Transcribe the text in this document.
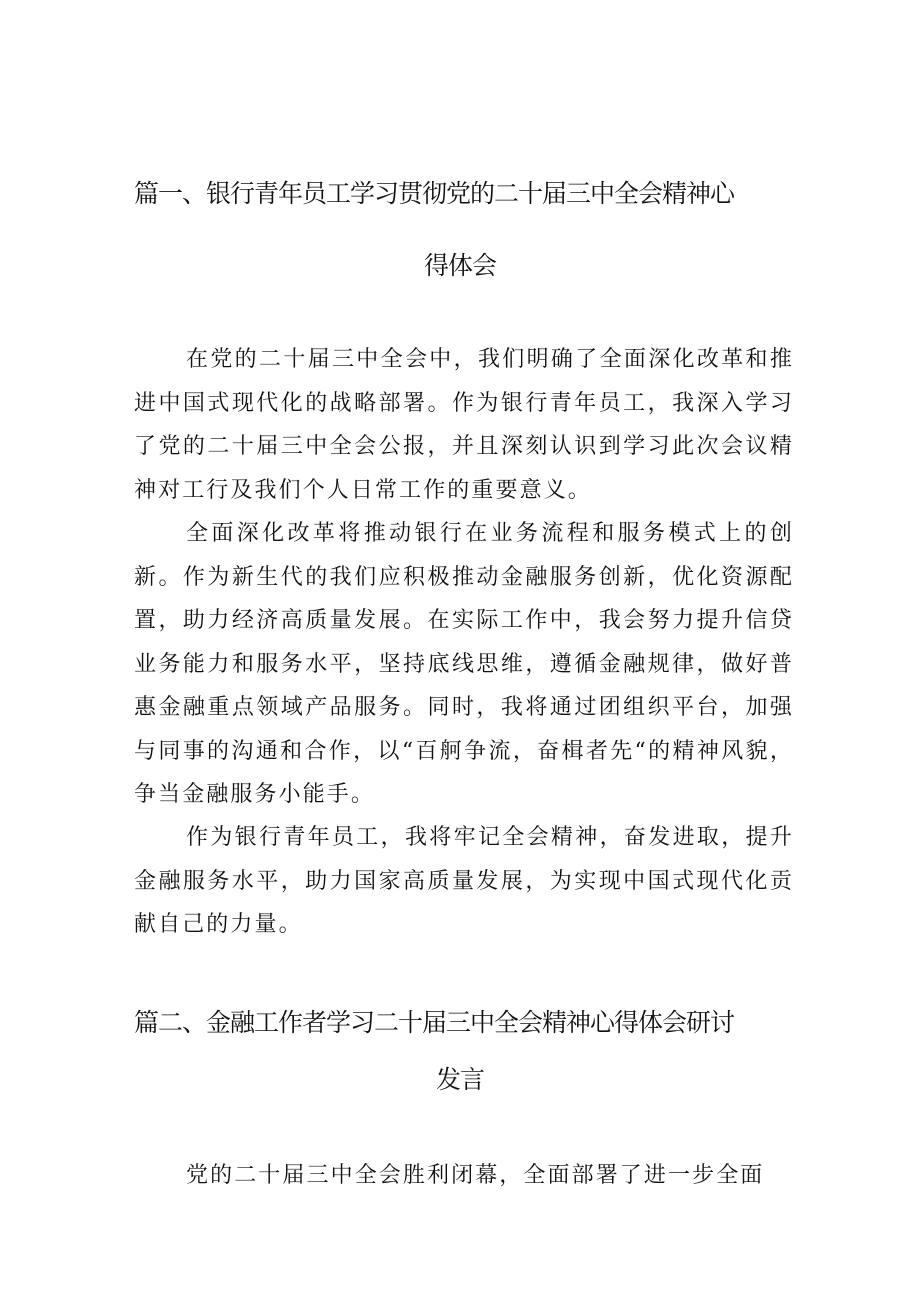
篇一、银行青年员工学习贯彻党的二十届三中全会精神心
得体会

在党的二十届三中全会中，我们明确了全面深化改革和推进中国式现代化的战略部署。作为银行青年员工，我深入学习了党的二十届三中全会公报，并且深刻认识到学习此次会议精神对工行及我们个人日常工作的重要意义。

全面深化改革将推动银行在业务流程和服务模式上的创新。作为新生代的我们应积极推动金融服务创新，优化资源配置，助力经济高质量发展。在实际工作中，我会努力提升信贷业务能力和服务水平，坚持底线思维，遵循金融规律，做好普惠金融重点领域产品服务。同时，我将通过团组织平台，加强与同事的沟通和合作，以“百舸争流，奋楫者先“的精神风貌，争当金融服务小能手。

作为银行青年员工，我将牢记全会精神，奋发进取，提升金融服务水平，助力国家高质量发展，为实现中国式现代化贡献自己的力量。

篇二、金融工作者学习二十届三中全会精神心得体会研讨
发言

党的二十届三中全会胜利闭幕，全面部署了进一步全面
